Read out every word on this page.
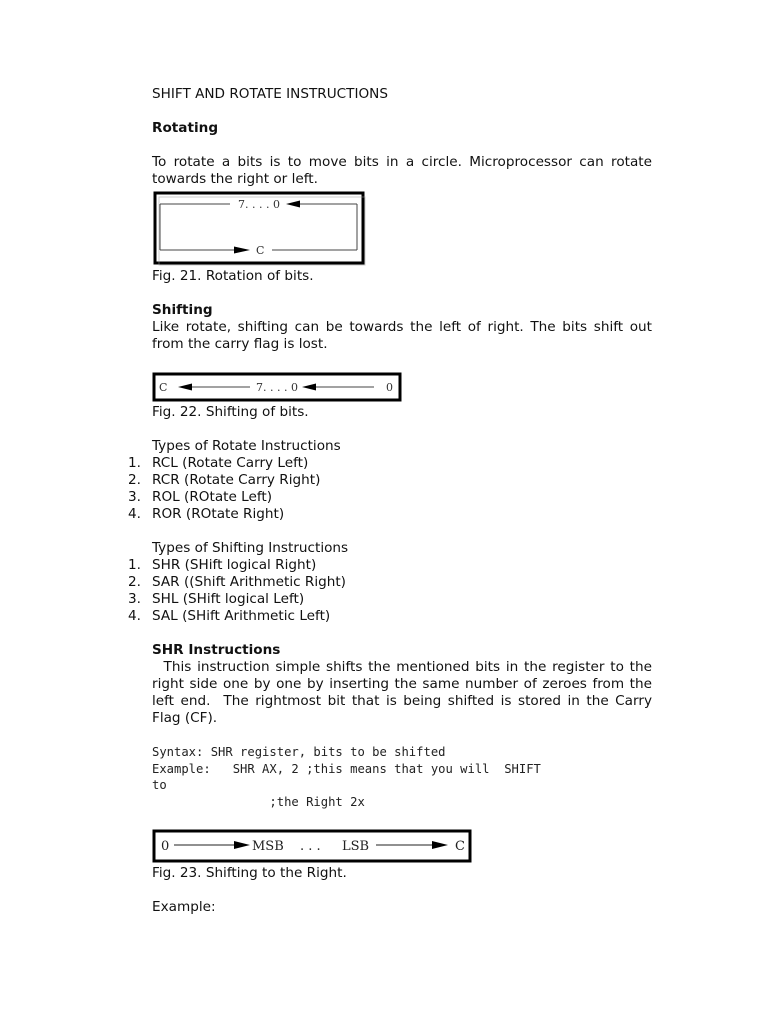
SHIFT AND ROTATE INSTRUCTIONS

Rotating

To rotate a bits is to move bits in a circle. Microprocessor can rotate towards the right or left.

7. . . . 0
C

Fig. 21. Rotation of bits.

Shifting

Like rotate, shifting can be towards the left of right. The bits shift out from the carry flag is lost.

C	7. . . . 0	0

Fig. 22. Shifting of bits.

Types of Rotate Instructions

1. RCL (Rotate Carry Left)
2. RCR (Rotate Carry Right)
3. ROL (ROtate Left)
4. ROR (ROtate Right)

Types of Shifting Instructions

1. SHR (SHift logical Right)
2. SAR ((Shift Arithmetic Right)
3. SHL (SHift logical Left)
4. SAL (SHift Arithmetic Left)

SHR Instructions

This instruction simple shifts the mentioned bits in the register to the right side one by one by inserting the same number of zeroes from the left end.  The rightmost bit that is being shifted is stored in the Carry Flag (CF).

Syntax: SHR register, bits to be shifted
Example:   SHR AX, 2 ;this means that you will  SHIFT
to
;the Right 2x
0	MSB . . . LSB	C

Fig. 23. Shifting to the Right.

Example:
